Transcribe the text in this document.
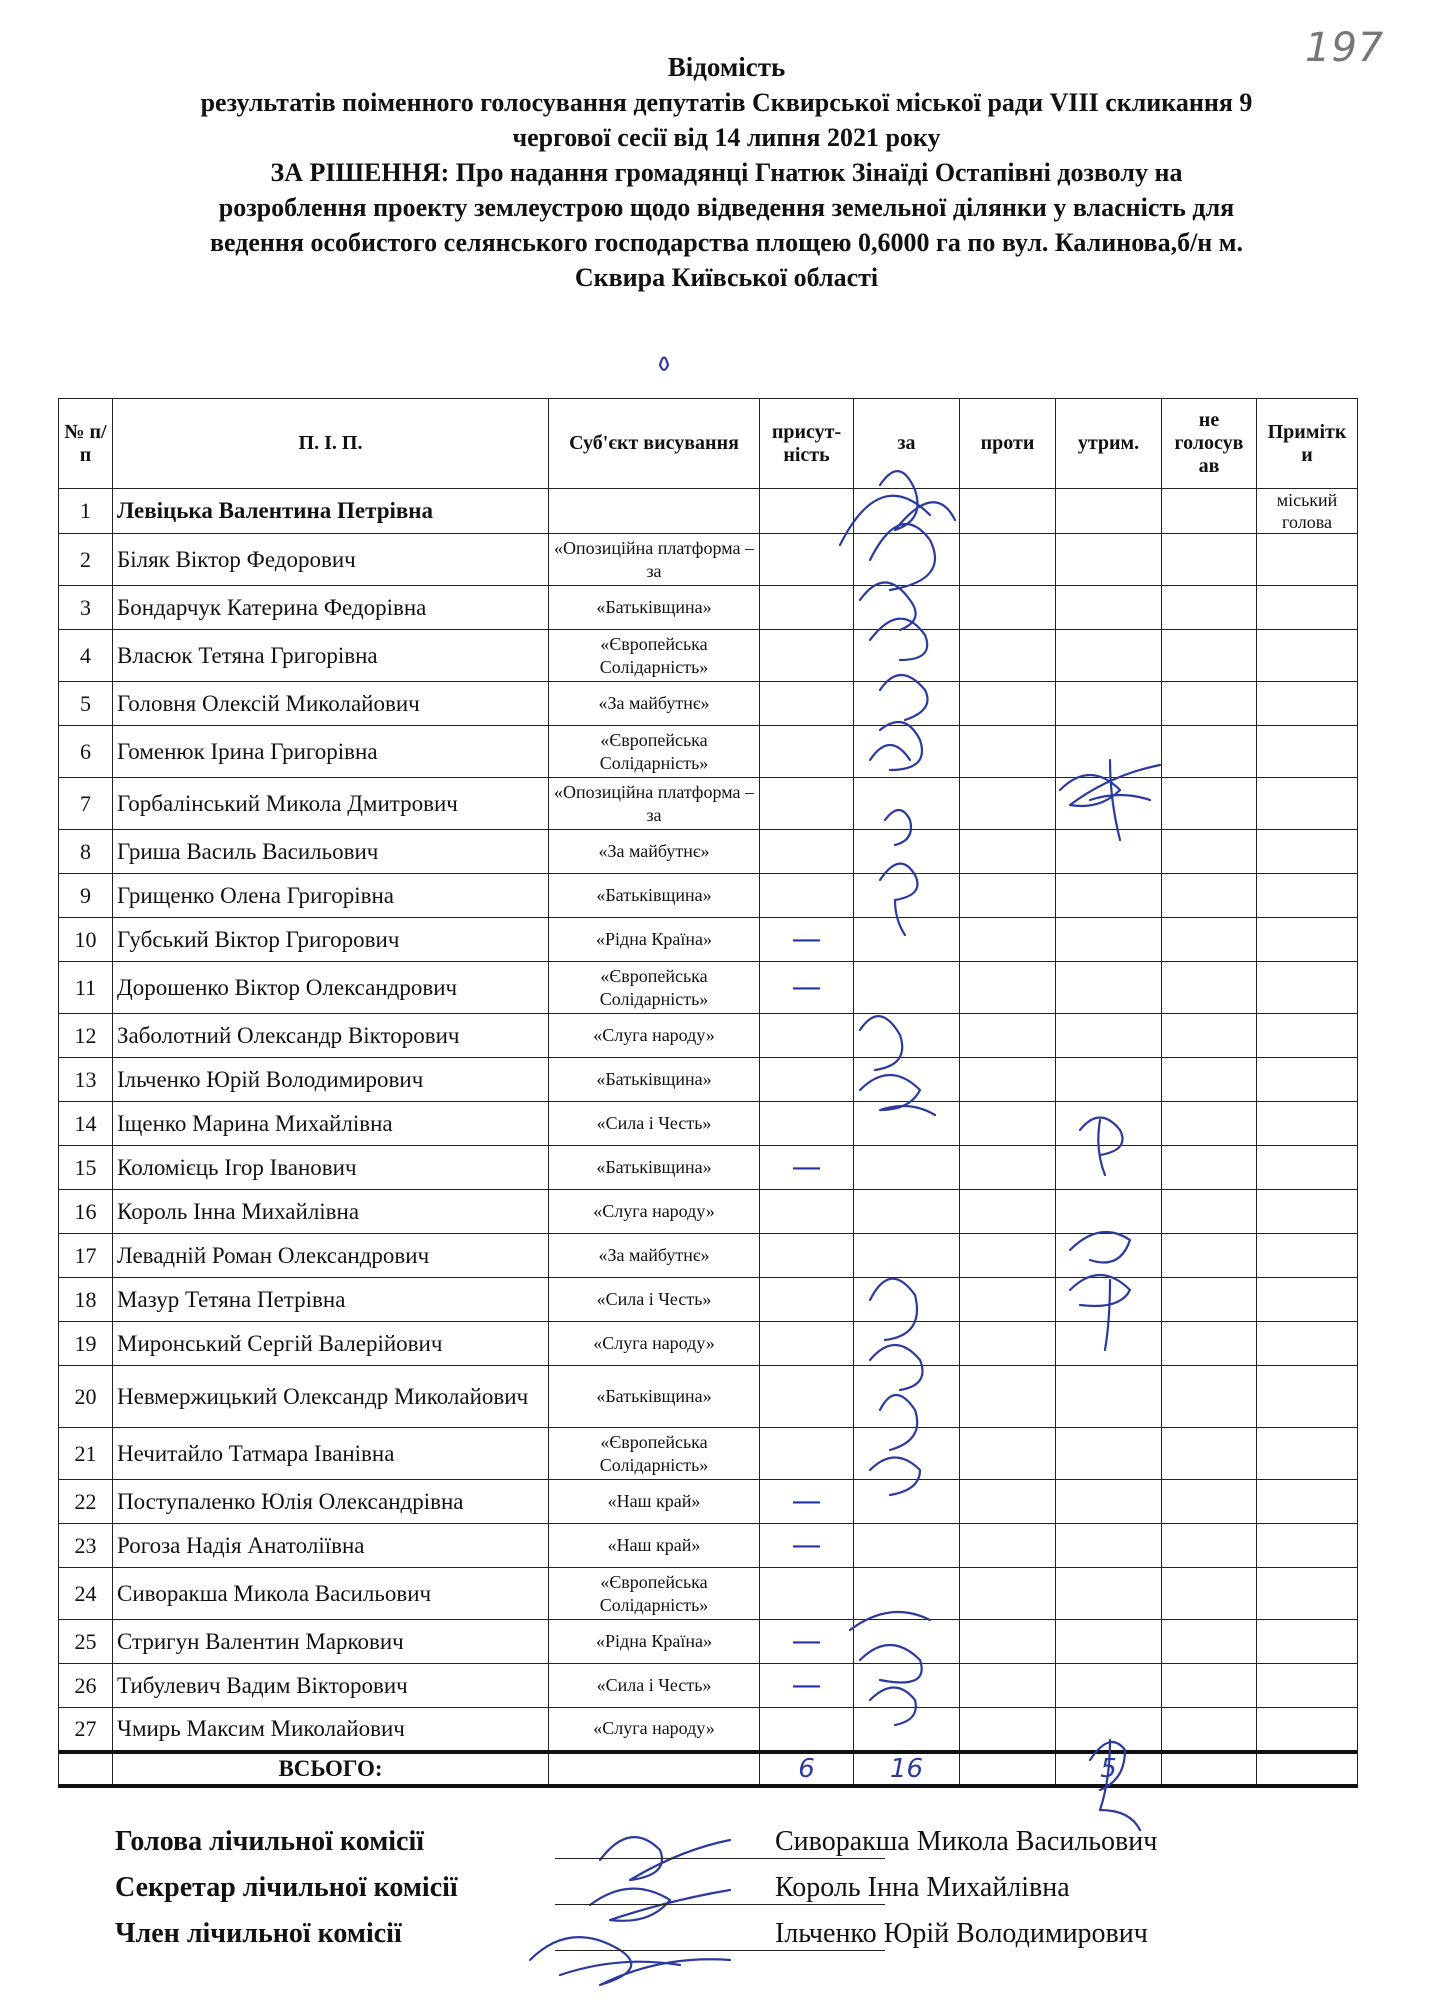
197
Відомість
результатів поіменного голосування депутатів Сквирської міської ради VIII скликання 9
чергової сесії від 14 липня 2021 року
ЗА РІШЕННЯ: Про надання громадянці Гнатюк Зінаїді Остапівні дозволу на
розроблення проекту землеустрою щодо відведення земельної ділянки у власність для
ведення особистого селянського господарства площею 0,6000 га по вул. Калинова,б/н м.
Сквира Київської області
№ п/п	П. І. П.	Суб'єкт висування	присут-ність	за	проти	утрим.	не голосув ав	Примітк и
1	Левіцька Валентина Петрівна							міський голова
2	Біляк Віктор Федорович	«Опозиційна платформа – за						
3	Бондарчук Катерина Федорівна	«Батьківщина»						
4	Власюк Тетяна Григорівна	«Європейська Солідарність»						
5	Головня Олексій Миколайович	«За майбутнє»						
6	Гоменюк Ірина Григорівна	«Європейська Солідарність»						
7	Горбалінський Микола Дмитрович	«Опозиційна платформа – за						
8	Гриша Василь Васильович	«За майбутнє»						
9	Грищенко Олена Григорівна	«Батьківщина»						
10	Губський Віктор Григорович	«Рідна Країна»	—					
11	Дорошенко Віктор Олександрович	«Європейська Солідарність»	—					
12	Заболотний Олександр Вікторович	«Слуга народу»						
13	Ільченко Юрій Володимирович	«Батьківщина»						
14	Іщенко Марина Михайлівна	«Сила і Честь»						
15	Коломієць Ігор Іванович	«Батьківщина»	—					
16	Король Інна Михайлівна	«Слуга народу»						
17	Левадній Роман Олександрович	«За майбутнє»						
18	Мазур Тетяна Петрівна	«Сила і Честь»						
19	Миронський Сергій Валерійович	«Слуга народу»						
20	Невмержицький Олександр Миколайович	«Батьківщина»						
21	Нечитайло Татмара Іванівна	«Європейська Солідарність»						
22	Поступаленко Юлія Олександрівна	«Наш край»	—					
23	Рогоза Надія Анатоліївна	«Наш край»	—					
24	Сиворакша Микола Васильович	«Європейська Солідарність»						
25	Стригун Валентин Маркович	«Рідна Країна»	—					
26	Тибулевич Вадим Вікторович	«Сила і Честь»	—					
27	Чмирь Максим Миколайович	«Слуга народу»						
	ВСЬОГО:		6	16		5		
Голова лічильної комісії	Сиворакша Микола Васильович
Секретар лічильної комісії	Король Інна Михайлівна
Член лічильної комісії	Ільченко Юрій Володимирович
